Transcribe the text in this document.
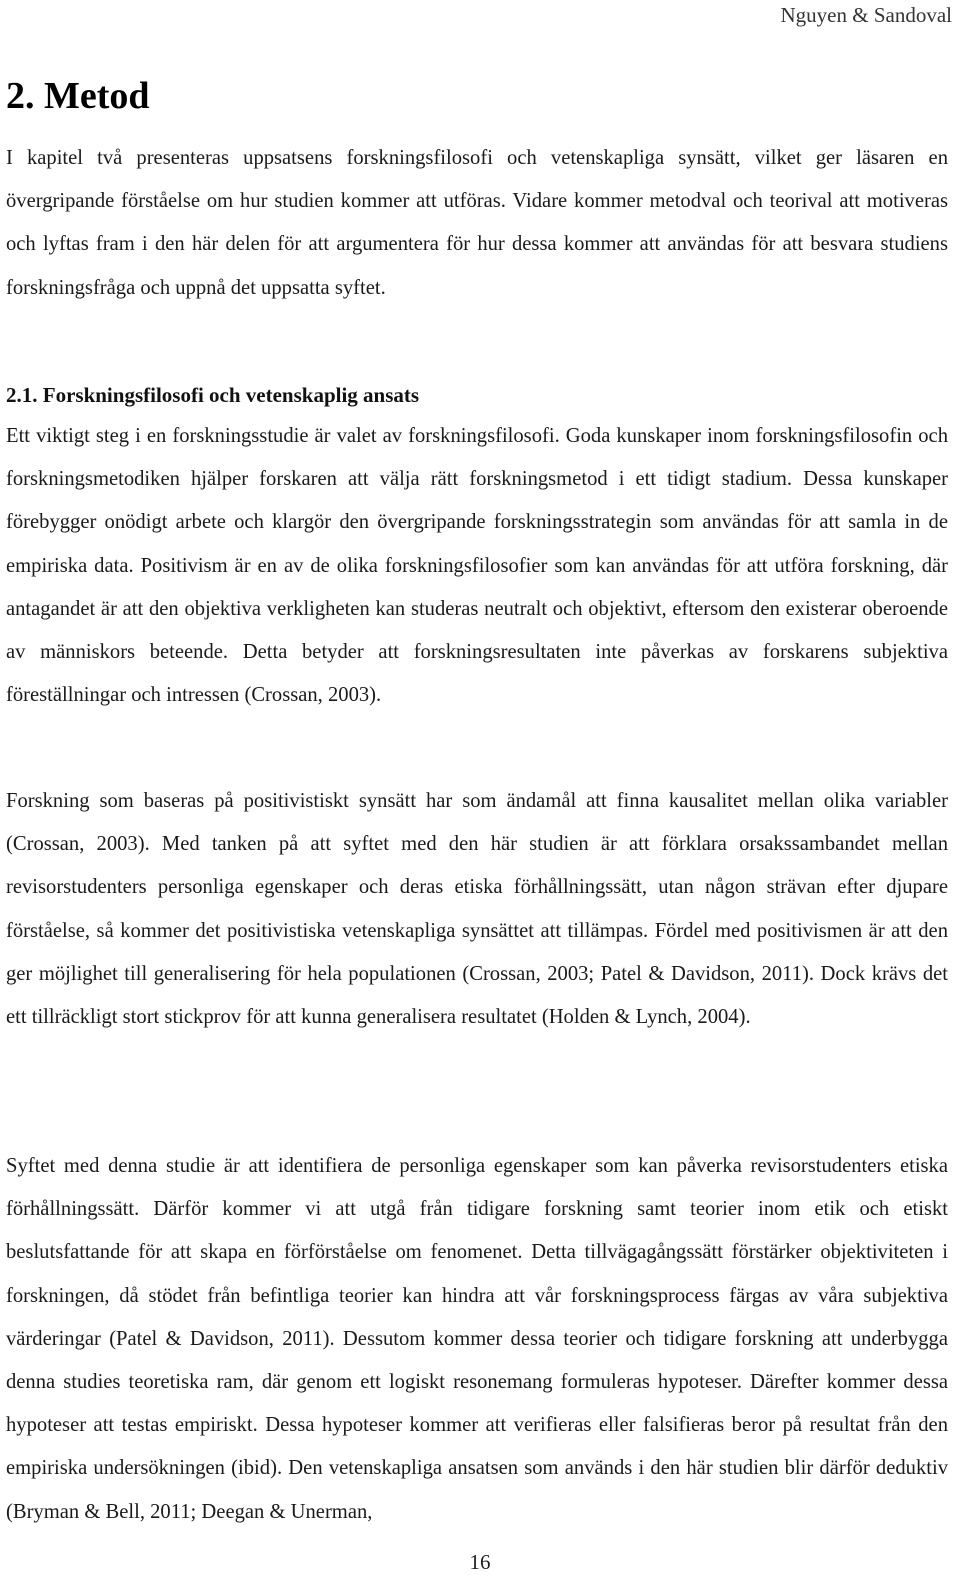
Nguyen & Sandoval
2. Metod

I kapitel två presenteras uppsatsens forskningsfilosofi och vetenskapliga synsätt, vilket ger läsaren en övergripande förståelse om hur studien kommer att utföras. Vidare kommer metodval och teorival att motiveras och lyftas fram i den här delen för att argumentera för hur dessa kommer att användas för att besvara studiens forskningsfråga och uppnå det uppsatta syftet.

2.1. Forskningsfilosofi och vetenskaplig ansats

Ett viktigt steg i en forskningsstudie är valet av forskningsfilosofi. Goda kunskaper inom forskningsfilosofin och forskningsmetodiken hjälper forskaren att välja rätt forskningsmetod i ett tidigt stadium. Dessa kunskaper förebygger onödigt arbete och klargör den övergripande forskningsstrategin som användas för att samla in de empiriska data. Positivism är en av de olika forskningsfilosofier som kan användas för att utföra forskning, där antagandet är att den objektiva verkligheten kan studeras neutralt och objektivt, eftersom den existerar oberoende av människors beteende. Detta betyder att forskningsresultaten inte påverkas av forskarens subjektiva föreställningar och intressen (Crossan, 2003).

Forskning som baseras på positivistiskt synsätt har som ändamål att finna kausalitet mellan olika variabler (Crossan, 2003). Med tanken på att syftet med den här studien är att förklara orsakssambandet mellan revisorstudenters personliga egenskaper och deras etiska förhållningssätt, utan någon strävan efter djupare förståelse, så kommer det positivistiska vetenskapliga synsättet att tillämpas. Fördel med positivismen är att den ger möjlighet till generalisering för hela populationen (Crossan, 2003; Patel & Davidson, 2011). Dock krävs det ett tillräckligt stort stickprov för att kunna generalisera resultatet (Holden & Lynch, 2004).

Syftet med denna studie är att identifiera de personliga egenskaper som kan påverka revisorstudenters etiska förhållningssätt. Därför kommer vi att utgå från tidigare forskning samt teorier inom etik och etiskt beslutsfattande för att skapa en förförståelse om fenomenet. Detta tillvägagångssätt förstärker objektiviteten i forskningen, då stödet från befintliga teorier kan hindra att vår forskningsprocess färgas av våra subjektiva värderingar (Patel & Davidson, 2011). Dessutom kommer dessa teorier och tidigare forskning att underbygga denna studies teoretiska ram, där genom ett logiskt resonemang formuleras hypoteser. Därefter kommer dessa hypoteser att testas empiriskt. Dessa hypoteser kommer att verifieras eller falsifieras beror på resultat från den empiriska undersökningen (ibid). Den vetenskapliga ansatsen som används i den här studien blir därför deduktiv (Bryman & Bell, 2011; Deegan & Unerman,

16
